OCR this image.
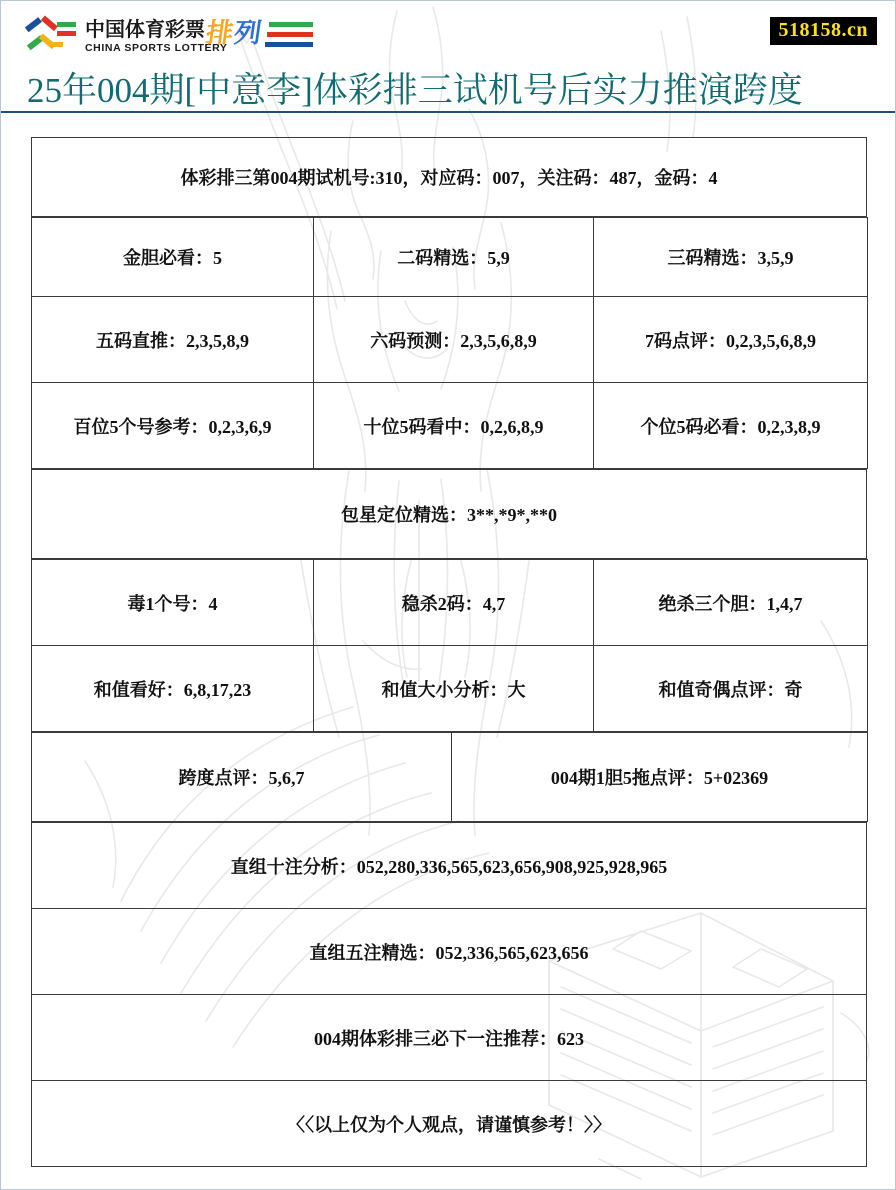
中国体育彩票
CHINA SPORTS LOTTERY
排
列	518158.cn
25年004期[中意李]体彩排三试机号后实力推演跨度
体彩排三第004期试机号:310，对应码：007，关注码：487，金码：4
金胆必看：5	二码精选：5,9	三码精选：3,5,9
五码直推：2,3,5,8,9	六码预测：2,3,5,6,8,9	7码点评：0,2,3,5,6,8,9
百位5个号参考：0,2,3,6,9	十位5码看中：0,2,6,8,9	个位5码必看：0,2,3,8,9
包星定位精选：3**,*9*,**0
毒1个号：4	稳杀2码：4,7	绝杀三个胆：1,4,7
和值看好：6,8,17,23	和值大小分析：大	和值奇偶点评：奇
跨度点评：5,6,7	004期1胆5拖点评：5+02369
直组十注分析：052,280,336,565,623,656,908,925,928,965
直组五注精选：052,336,565,623,656
004期体彩排三必下一注推荐：623
〈〈以上仅为个人观点，请谨慎参考！〉〉
